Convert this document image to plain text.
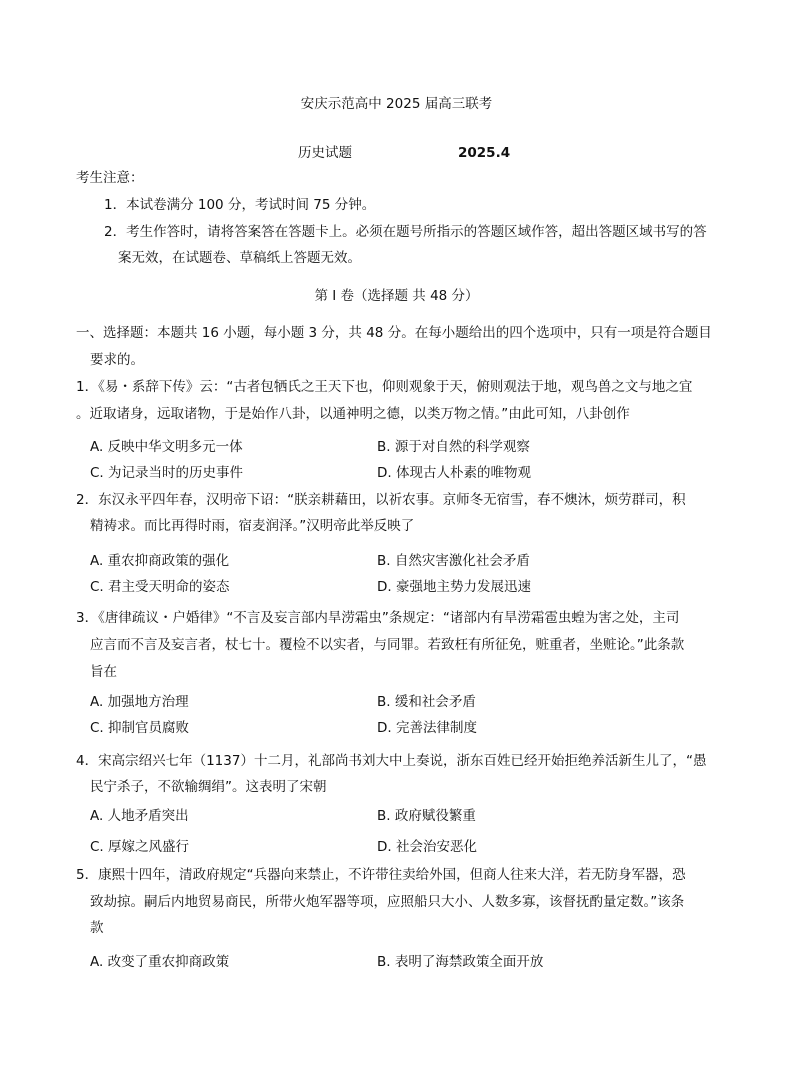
安庆示范高中 2025 届高三联考
历史试题	2025.4
考生注意：
1．本试卷满分 100 分，考试时间 75 分钟。
2．考生作答时，请将答案答在答题卡上。必须在题号所指示的答题区域作答，超出答题区域书写的答
案无效，在试题卷、草稿纸上答题无效。
第 I 卷（选择题 共 48 分）
一、选择题：本题共 16 小题，每小题 3 分，共 48 分。在每小题给出的四个选项中，只有一项是符合题目
要求的。
1．《易・系辞下传》云：“古者包牺氏之王天下也，仰则观象于天，俯则观法于地，观鸟兽之文与地之宜
。近取诸身，远取诸物，于是始作八卦，以通神明之德，以类万物之情。”由此可知，八卦创作
A. 反映中华文明多元一体	B. 源于对自然的科学观察
C. 为记录当时的历史事件	D. 体现古人朴素的唯物观
2．东汉永平四年春，汉明帝下诏：“朕亲耕藉田，以祈农事。京师冬无宿雪，春不燠沐，烦劳群司，积
精祷求。而比再得时雨，宿麦润泽。”汉明帝此举反映了
A. 重农抑商政策的强化	B. 自然灾害激化社会矛盾
C. 君主受天明命的姿态	D. 豪强地主势力发展迅速
3．《唐律疏议・户婚律》“不言及妄言部内旱涝霜虫”条规定：“诸部内有旱涝霜雹虫蝗为害之处，主司
应言而不言及妄言者，杖七十。覆检不以实者，与同罪。若致枉有所征免，赃重者，坐赃论。”此条款
旨在
A. 加强地方治理	B. 缓和社会矛盾
C. 抑制官员腐败	D. 完善法律制度
4．宋高宗绍兴七年（1137）十二月，礼部尚书刘大中上奏说，浙东百姓已经开始拒绝养活新生儿了，“愚
民宁杀子，不欲输绸绢”。这表明了宋朝
A. 人地矛盾突出	B. 政府赋役繁重
C. 厚嫁之风盛行	D. 社会治安恶化
5．康熙十四年，清政府规定“兵器向来禁止，不许带往卖给外国，但商人往来大洋，若无防身军器，恐
致劫掠。嗣后内地贸易商民，所带火炮军器等项，应照船只大小、人数多寡，该督抚酌量定数。”该条
款
A. 改变了重农抑商政策	B. 表明了海禁政策全面开放
